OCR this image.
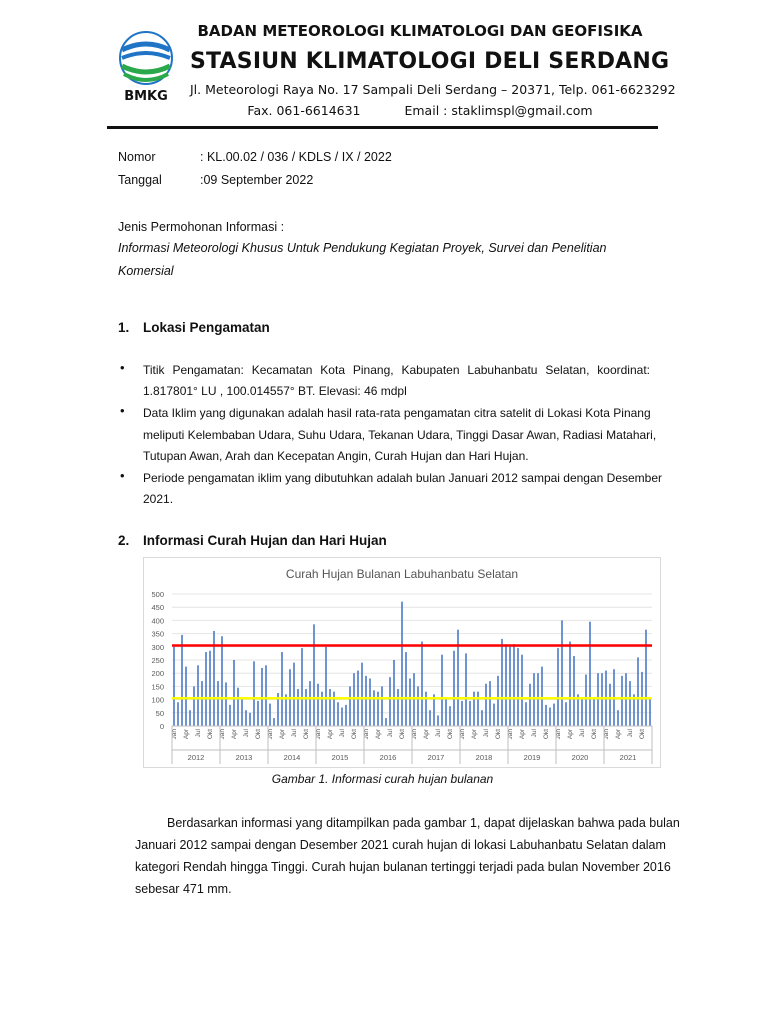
BMKG
BADAN METEOROLOGI KLIMATOLOGI DAN GEOFISIKA
STASIUN KLIMATOLOGI DELI SERDANG
Jl. Meteorologi Raya No. 17 Sampali Deli Serdang – 20371, Telp. 061-6623292
Fax. 061-6614631	Email : staklimspl@gmail.com
Nomor	: KL.00.02 / 036 / KDLS / IX / 2022
Tanggal	:09 September 2022
Jenis Permohonan Informasi :
Informasi Meteorologi Khusus Untuk Pendukung Kegiatan Proyek, Survei dan Penelitian
Komersial
1. Lokasi Pengamatan
• Titik Pengamatan: Kecamatan Kota Pinang, Kabupaten Labuhanbatu Selatan, koordinat:
1.817801° LU , 100.014557° BT. Elevasi: 46 mdpl
• Data Iklim yang digunakan adalah hasil rata-rata pengamatan citra satelit di Lokasi Kota Pinang
meliputi Kelembaban Udara, Suhu Udara, Tekanan Udara, Tinggi Dasar Awan, Radiasi Matahari,
Tutupan Awan, Arah dan Kecepatan Angin, Curah Hujan dan Hari Hujan.
• Periode pengamatan iklim yang dibutuhkan adalah bulan Januari 2012 sampai dengan Desember
2021.
2. Informasi Curah Hujan dan Hari Hujan
Curah Hujan Bulanan Labuhanbatu Selatan
0
50
100
150
200
250
300
350
400
450
500
Jan Apr Jul Okt
2012
Jan Apr Jul Okt
2013
Jan Apr Jul Okt
2014
Jan Apr Jul Okt
2015
Jan Apr Jul Okt
2016
Jan Apr Jul Okt
2017
Jan Apr Jul Okt
2018
Jan Apr Jul Okt
2019
Jan Apr Jul Okt
2020
Jan Apr Jul Okt
2021
Gambar 1. Informasi curah hujan bulanan
Berdasarkan informasi yang ditampilkan pada gambar 1, dapat dijelaskan bahwa pada bulan
Januari 2012 sampai dengan Desember 2021 curah hujan di lokasi Labuhanbatu Selatan dalam
kategori Rendah hingga Tinggi. Curah hujan bulanan tertinggi terjadi pada bulan November 2016
sebesar 471 mm.
